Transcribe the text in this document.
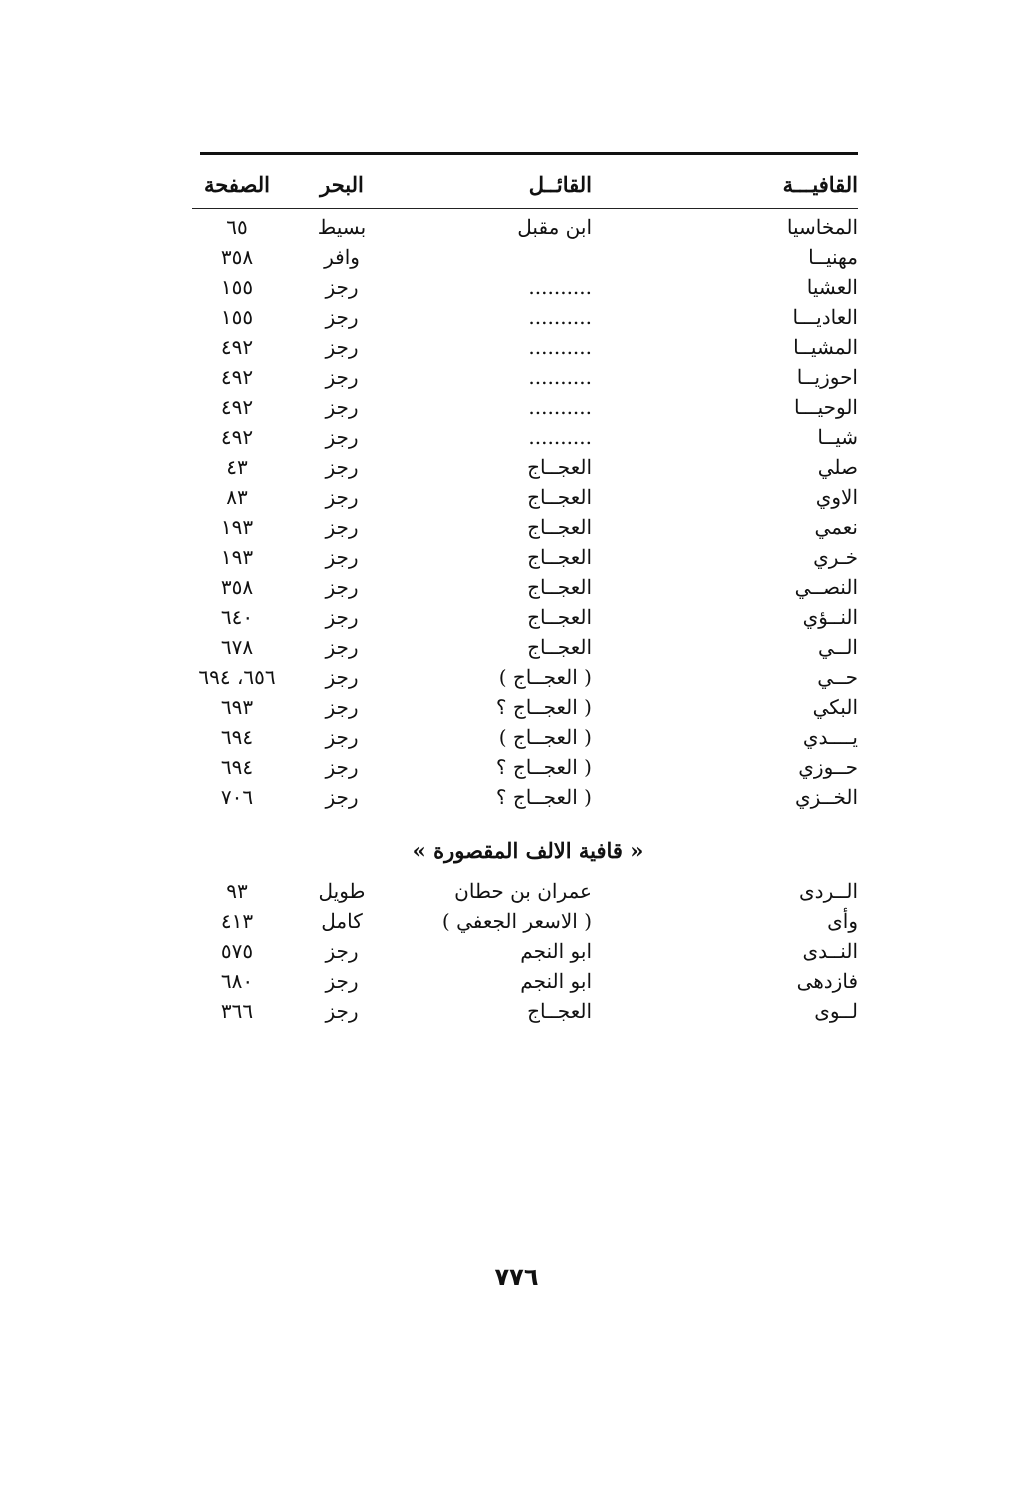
القافيـــة
القائــل
البحر
الصفحة
المخاسيا
ابن مقبل
بسيط
٦٥
مهنيــا
وافر
٣٥٨
العشيا
..........
رجز
١٥٥
العاديـــا
..........
رجز
١٥٥
المشيــا
..........
رجز
٤٩٢
احوزيــا
..........
رجز
٤٩٢
الوحيـــا
..........
رجز
٤٩٢
شيــا
..........
رجز
٤٩٢
صلي
العجــاج
رجز
٤٣
الاوي
العجــاج
رجز
٨٣
نعمي
العجــاج
رجز
١٩٣
خـري
العجــاج
رجز
١٩٣
النصــي
العجــاج
رجز
٣٥٨
النــؤي
العجــاج
رجز
٦٤٠
الــي
العجــاج
رجز
٦٧٨
حــي
( العجــاج )
رجز
٦٥٦، ٦٩٤
البكي
( العجــاج ؟
رجز
٦٩٣
يــــدي
( العجــاج )
رجز
٦٩٤
حــوزي
( العجــاج ؟
رجز
٦٩٤
الخــزي
( العجــاج ؟
رجز
٧٠٦
« قافية الالف المقصورة »
الــردى
عمران بن حطان
طويل
٩٣
وأى
( الاسعر الجعفي )
كامل
٤١٣
النــدى
ابو النجم
رجز
٥٧٥
فازدهى
ابو النجم
رجز
٦٨٠
لــوى
العجــاج
رجز
٣٦٦
٧٧٦
